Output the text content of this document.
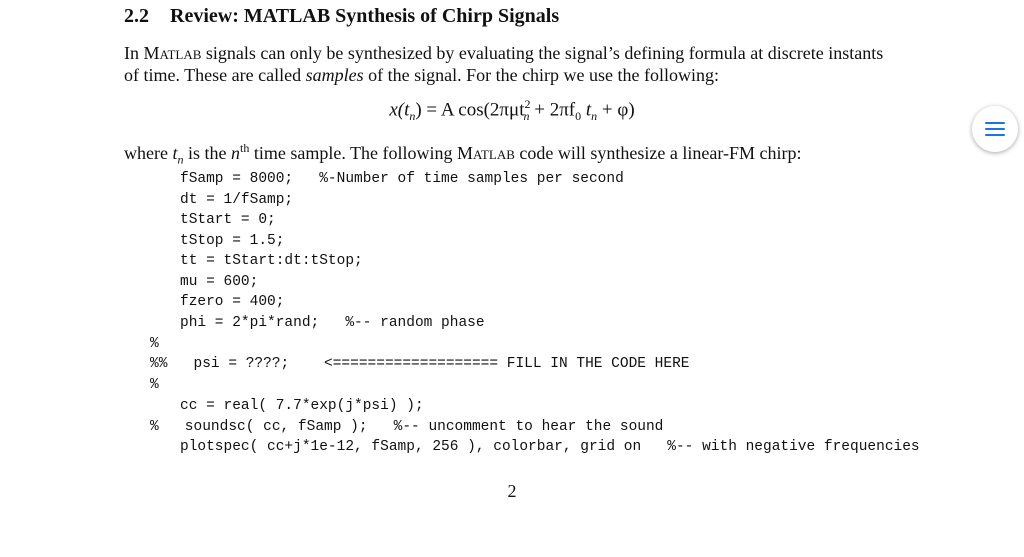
2.2 Review: MATLAB Synthesis of Chirp Signals
In Matlab signals can only be synthesized by evaluating the signal’s defining formula at discrete instants
of time. These are called samples of the signal. For the chirp we use the following:
$x(t_n) = A$ $\cos(2\pi\mu t^2_n + 2\pi f_0$ $t_n + \varphi$)
where $t_n$ is the $n^{th}$ time sample. The following Matlab code will synthesize a linear-FM chirp:
fSamp = 8000;   %-Number of time samples per second
dt = 1/fSamp;
tStart = 0;
tStop = 1.5;
tt = tStart:dt:tStop;
mu = 600;
fzero = 400;
phi = 2*pi*rand;   %-- random phase
%
%%   psi = ????;    <=================== FILL IN THE CODE HERE
%
cc = real( 7.7*exp(j*psi) );
%   soundsc( cc, fSamp );   %-- uncomment to hear the sound
plotspec( cc+j*1e-12, fSamp, 256 ), colorbar, grid on   %-- with negative frequencies
2
